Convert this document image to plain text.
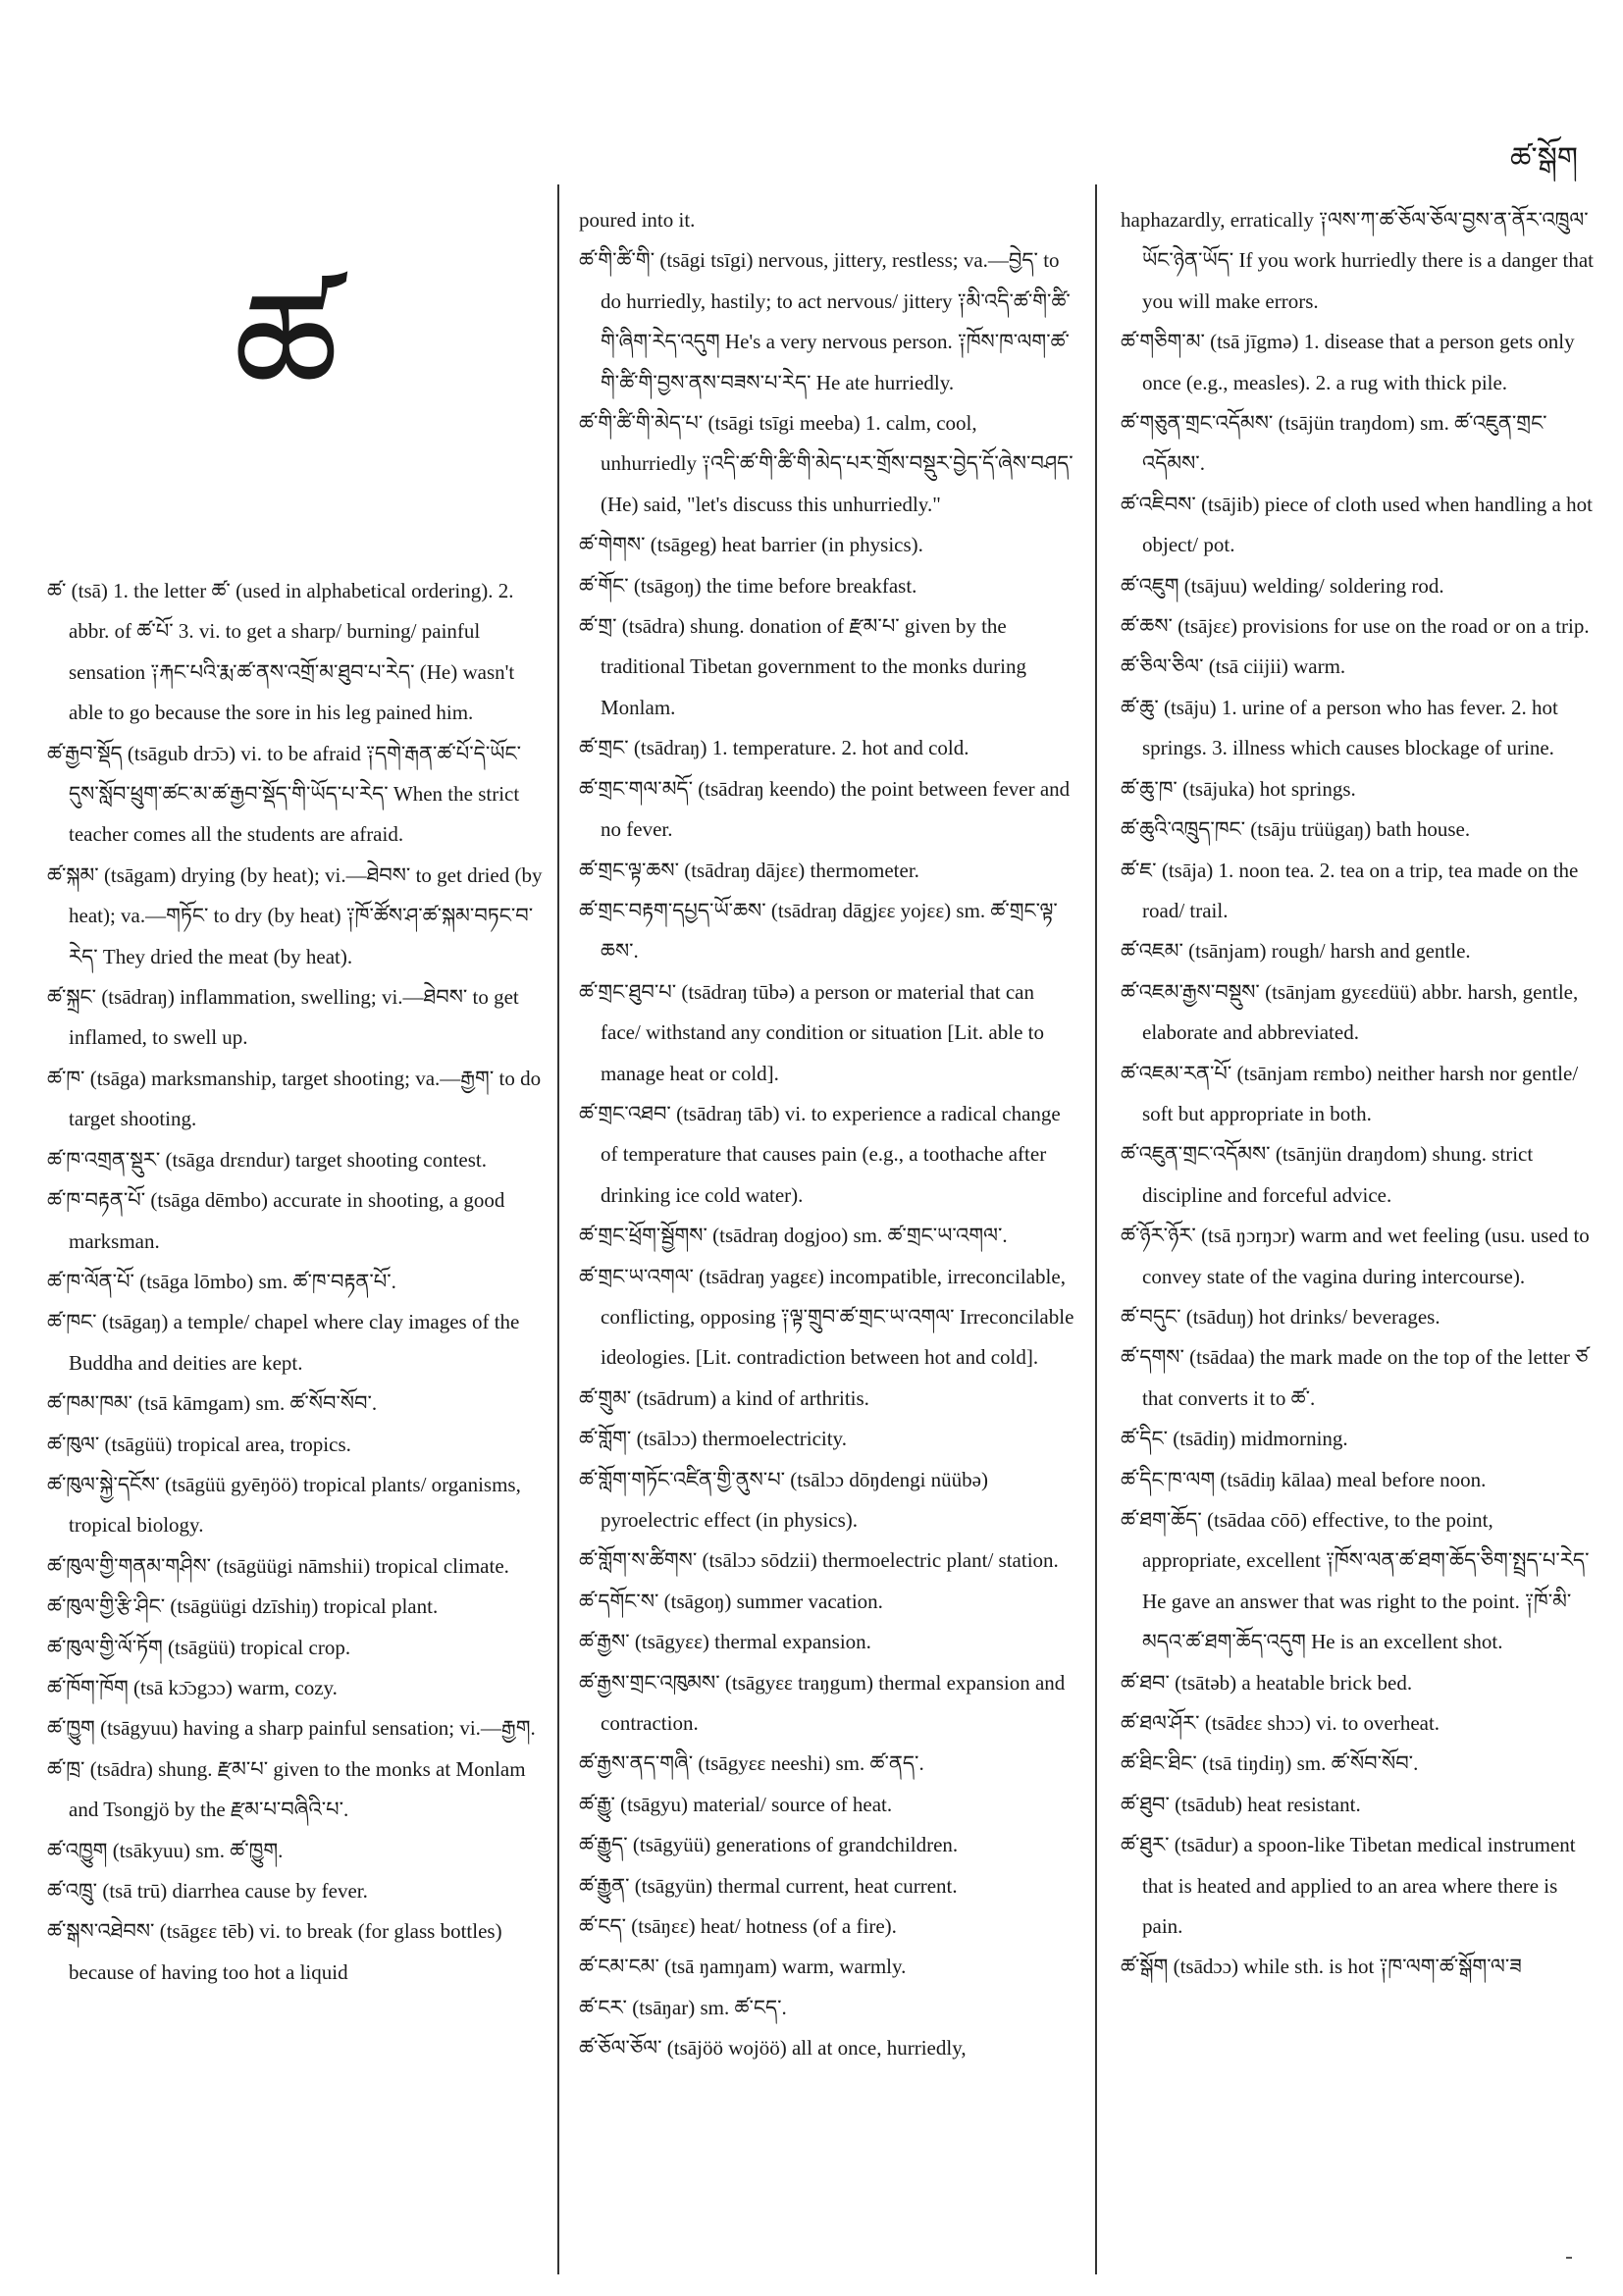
ཚ་སྒོག
ཚ

ཚ་ (tsā) 1. the letter ཚ་ (used in alphabetical ordering). 2. abbr. of ཚ་པོ་ 3. vi. to get a sharp/ burning/ painful sensation ༑རྐང་པའི་རྨ་ཚ་ནས་འགྲོ་མ་ཐུབ་པ་རེད་ (He) wasn't able to go because the sore in his leg pained him.

ཚ་རྒྱབ་སྡོད (tsāgub drɔ̄ɔ) vi. to be afraid ༑དགེ་རྒན་ཚ་པོ་དེ་ཡོང་དུས་སློབ་ཕྲུག་ཚང་མ་ཚ་རྒྱབ་སྡོད་གི་ཡོད་པ་རེད་ When the strict teacher comes all the students are afraid.

ཚ་སྐམ་ (tsāgam) drying (by heat); vi.—ཐེབས་ to get dried (by heat); va.—གཏོང་ to dry (by heat) ༑ཁོ་ཚོས་ཤ་ཚ་སྐམ་བཏང་བ་རེད་ They dried the meat (by heat).

ཚ་སྐྲང་ (tsādraŋ) inflammation, swelling; vi.—ཐེབས་ to get inflamed, to swell up.

ཚ་ཁ་ (tsāga) marksmanship, target shooting; va.—རྒྱག་ to do target shooting.

ཚ་ཁ་འགྲན་སྡུར་ (tsāga drɛndur) target shooting contest.

ཚ་ཁ་བརྟན་པོ་ (tsāga dēmbo) accurate in shooting, a good marksman.

ཚ་ཁ་ལོན་པོ་ (tsāga lōmbo) sm. ཚ་ཁ་བརྟན་པོ་.

ཚ་ཁང་ (tsāgaŋ) a temple/ chapel where clay images of the Buddha and deities are kept.

ཚ་ཁམ་ཁམ་ (tsā kāmgam) sm. ཚ་སོབ་སོབ་.

ཚ་ཁུལ་ (tsāgüü) tropical area, tropics.

ཚ་ཁུལ་སྐྱེ་དངོས་ (tsāgüü gyēŋöö) tropical plants/ organisms, tropical biology.

ཚ་ཁུལ་གྱི་གནམ་གཤིས་ (tsāgüügi nāmshii) tropical climate.

ཚ་ཁུལ་གྱི་རྩི་ཤིང་ (tsāgüügi dzīshiŋ) tropical plant.

ཚ་ཁུལ་གྱི་ལོ་ཏོག (tsāgüü) tropical crop.

ཚ་ཁོག་ཁོག (tsā kɔ̄ɔgɔɔ) warm, cozy.

ཚ་ཁྱུག (tsāgyuu) having a sharp painful sensation; vi.—རྒྱག.

ཚ་ཁྲ་ (tsādra) shung. རྫམ་པ་ given to the monks at Monlam and Tsongjö by the རྫམ་པ་བཞིའི་པ་.

ཚ་འཁྱུག (tsākyuu) sm. ཚ་ཁྱུག.

ཚ་འཁྲུ་ (tsā trū) diarrhea cause by fever.

ཚ་སྒས་འཐེབས་ (tsāgɛɛ tēb) vi. to break (for glass bottles) because of having too hot a liquid

poured into it.

ཚ་གི་ཚི་གི་ (tsāgi tsīgi) nervous, jittery, restless; va.—བྱེད་ to do hurriedly, hastily; to act nervous/ jittery ༑མི་འདི་ཚ་གི་ཚི་གི་ཞིག་རེད་འདུག He's a very nervous person. ༑ཁོས་ཁ་ལག་ཚ་གི་ཚི་གི་བྱས་ནས་བཟས་པ་རེད་ He ate hurriedly.

ཚ་གི་ཚི་གི་མེད་པ་ (tsāgi tsīgi meeba) 1. calm, cool, unhurriedly ༑འདི་ཚ་གི་ཚི་གི་མེད་པར་གྲོས་བསྡུར་བྱེད་དོ་ཞེས་བཤད་ (He) said, "let's discuss this unhurriedly."

ཚ་གེགས་ (tsāgeg) heat barrier (in physics).

ཚ་གོང་ (tsāgoŋ) the time before breakfast.

ཚ་གྲ་ (tsādra) shung. donation of རྫམ་པ་ given by the traditional Tibetan government to the monks during Monlam.

ཚ་གྲང་ (tsādraŋ) 1. temperature. 2. hot and cold.

ཚ་གྲང་གལ་མདོ་ (tsādraŋ keendo) the point between fever and no fever.

ཚ་གྲང་ལྟ་ཆས་ (tsādraŋ dājɛɛ) thermometer.

ཚ་གྲང་བརྟག་དཔྱད་ཡོ་ཆས་ (tsādraŋ dāgjɛɛ yojɛɛ) sm. ཚ་གྲང་ལྟ་ཆས་.

ཚ་གྲང་ཐུབ་པ་ (tsādraŋ tūbə) a person or material that can face/ withstand any condition or situation [Lit. able to manage heat or cold].

ཚ་གྲང་འཐབ་ (tsādraŋ tāb) vi. to experience a radical change of temperature that causes pain (e.g., a toothache after drinking ice cold water).

ཚ་གྲང་ཕྲོག་སྦྱོགས་ (tsādraŋ dogjoo) sm. ཚ་གྲང་ཡ་འགལ་.

ཚ་གྲང་ཡ་འགལ་ (tsādraŋ yagɛɛ) incompatible, irreconcilable, conflicting, opposing ༑ལྟ་གྲུབ་ཚ་གྲང་ཡ་འགལ་ Irreconcilable ideologies. [Lit. contradiction between hot and cold].

ཚ་གྲུམ་ (tsādrum) a kind of arthritis.

ཚ་གློག་ (tsālɔɔ) thermoelectricity.

ཚ་གློག་གཏོང་འཛིན་གྱི་ནུས་པ་ (tsālɔɔ dōŋdengi nüübə) pyroelectric effect (in physics).

ཚ་གློག་ས་ཚིགས་ (tsālɔɔ sōdzii) thermoelectric plant/ station.

ཚ་དགོང་ས་ (tsāgoŋ) summer vacation.

ཚ་རྒྱས་ (tsāgyɛɛ) thermal expansion.

ཚ་རྒྱས་གྲང་འཁུམས་ (tsāgyɛɛ traŋgum) thermal expansion and contraction.

ཚ་རྒྱས་ནད་གཞི་ (tsāgyɛɛ neeshi) sm. ཚ་ནད་.

ཚ་རྒྱུ་ (tsāgyu) material/ source of heat.

ཚ་རྒྱུད་ (tsāgyüü) generations of grandchildren.

ཚ་རྒྱུན་ (tsāgyün) thermal current, heat current.

ཚ་ངད་ (tsāŋɛɛ) heat/ hotness (of a fire).

ཚ་ངམ་ངམ་ (tsā ŋamŋam) warm, warmly.

ཚ་ངར་ (tsāŋar) sm. ཚ་ངད་.

ཚ་ཅོལ་ཅོལ་ (tsājöö wojöö) all at once, hurriedly,

haphazardly, erratically ༑ལས་ཀ་ཚ་ཅོལ་ཅོལ་བྱས་ན་ནོར་འཁྲུལ་ཡོང་ཉེན་ཡོད་ If you work hurriedly there is a danger that you will make errors.

ཚ་གཅིག་མ་ (tsā jīgmə) 1. disease that a person gets only once (e.g., measles). 2. a rug with thick pile.

ཚ་གཅུན་གྲང་འདོམས་ (tsājün traŋdom) sm. ཚ་འཇུན་གྲང་འདོམས་.

ཚ་འཇིབས་ (tsājib) piece of cloth used when handling a hot object/ pot.

ཚ་འཇུག (tsājuu) welding/ soldering rod.

ཚ་ཆས་ (tsājɛɛ) provisions for use on the road or on a trip.

ཚ་ཅིལ་ཅིལ་ (tsā ciijii) warm.

ཚ་ཆུ་ (tsāju) 1. urine of a person who has fever. 2. hot springs. 3. illness which causes blockage of urine.

ཚ་ཆུ་ཁ་ (tsājuka) hot springs.

ཚ་ཆུའི་འཁྲུད་ཁང་ (tsāju trüügaŋ) bath house.

ཚ་ཇ་ (tsāja) 1. noon tea. 2. tea on a trip, tea made on the road/ trail.

ཚ་འཇམ་ (tsānjam) rough/ harsh and gentle.

ཚ་འཇམ་རྒྱས་བསྡུས་ (tsānjam gyɛɛdüü) abbr. harsh, gentle, elaborate and abbreviated.

ཚ་འཇམ་རན་པོ་ (tsānjam rɛmbo) neither harsh nor gentle/ soft but appropriate in both.

ཚ་འཇུན་གྲང་འདོམས་ (tsānjün draŋdom) shung. strict discipline and forceful advice.

ཚ་ཉོར་ཉོར་ (tsā ŋɔrŋɔr) warm and wet feeling (usu. used to convey state of the vagina during intercourse).

ཚ་བདུང་ (tsāduŋ) hot drinks/ beverages.

ཚ་དགས་ (tsādaa) the mark made on the top of the letter ཙ that converts it to ཚ་.

ཚ་དིང་ (tsādiŋ) midmorning.

ཚ་དིང་ཁ་ལག (tsādiŋ kālaa) meal before noon.

ཚ་ཐག་ཆོད་ (tsādaa cōō) effective, to the point, appropriate, excellent ༑ཁོས་ལན་ཚ་ཐག་ཆོད་ཅིག་སྤྲད་པ་རེད་ He gave an answer that was right to the point. ༑ཁོ་མི་མདའ་ཚ་ཐག་ཆོད་འདུག He is an excellent shot.

ཚ་ཐབ་ (tsātəb) a heatable brick bed.

ཚ་ཐལ་ཤོར་ (tsādɛɛ shɔɔ) vi. to overheat.

ཚ་ཐིང་ཐིང་ (tsā tiŋdiŋ) sm. ཚ་སོབ་སོབ་.

ཚ་ཐུབ་ (tsādub) heat resistant.

ཚ་ཐུར་ (tsādur) a spoon-like Tibetan medical instrument that is heated and applied to an area where there is pain.

ཚ་སྒོག (tsādɔɔ) while sth. is hot ༑ཁ་ལག་ཚ་སྒོག་ལ་ཟ
